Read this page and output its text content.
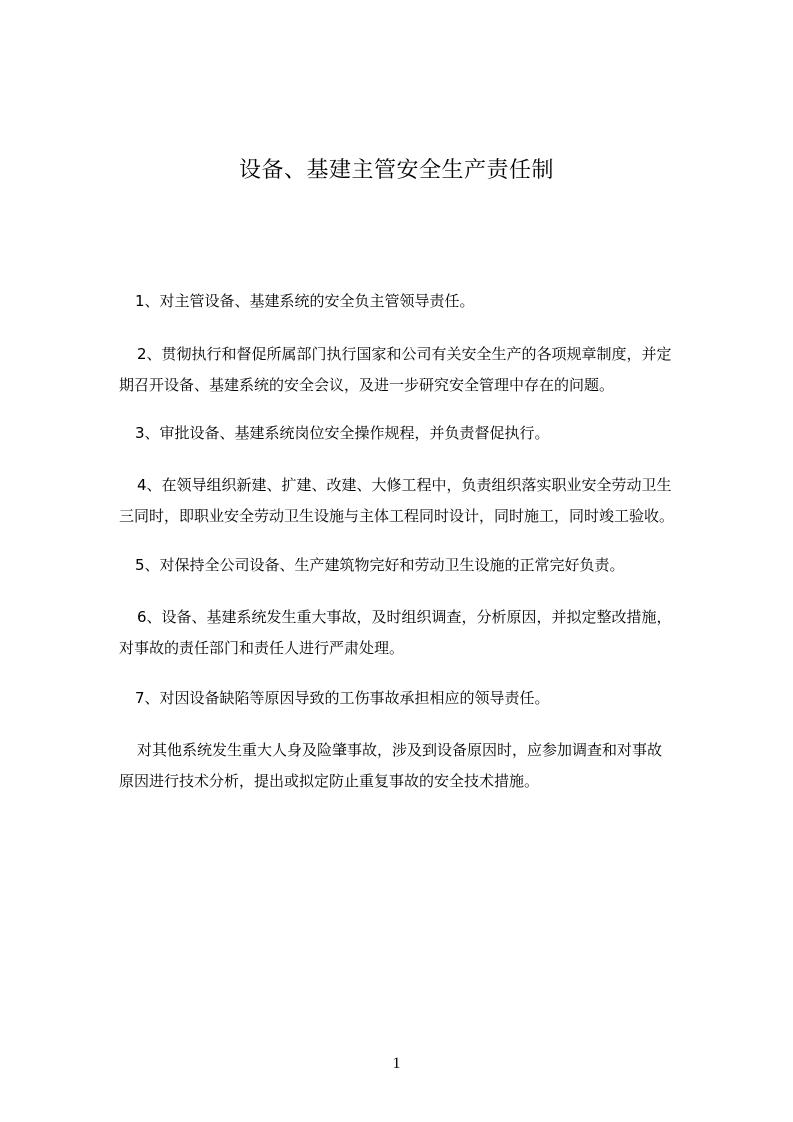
设备、基建主管安全生产责任制

1、对主管设备、基建系统的安全负主管领导责任。

2、贯彻执行和督促所属部门执行国家和公司有关安全生产的各项规章制度，并定
期召开设备、基建系统的安全会议，及进一步研究安全管理中存在的问题。

3、审批设备、基建系统岗位安全操作规程，并负责督促执行。

4、在领导组织新建、扩建、改建、大修工程中，负责组织落实职业安全劳动卫生
三同时，即职业安全劳动卫生设施与主体工程同时设计，同时施工，同时竣工验收。

5、对保持全公司设备、生产建筑物完好和劳动卫生设施的正常完好负责。

6、设备、基建系统发生重大事故，及时组织调查，分析原因，并拟定整改措施，
对事故的责任部门和责任人进行严肃处理。

7、对因设备缺陷等原因导致的工伤事故承担相应的领导责任。

对其他系统发生重大人身及险肇事故，涉及到设备原因时，应参加调查和对事故
原因进行技术分析，提出或拟定防止重复事故的安全技术措施。

1
